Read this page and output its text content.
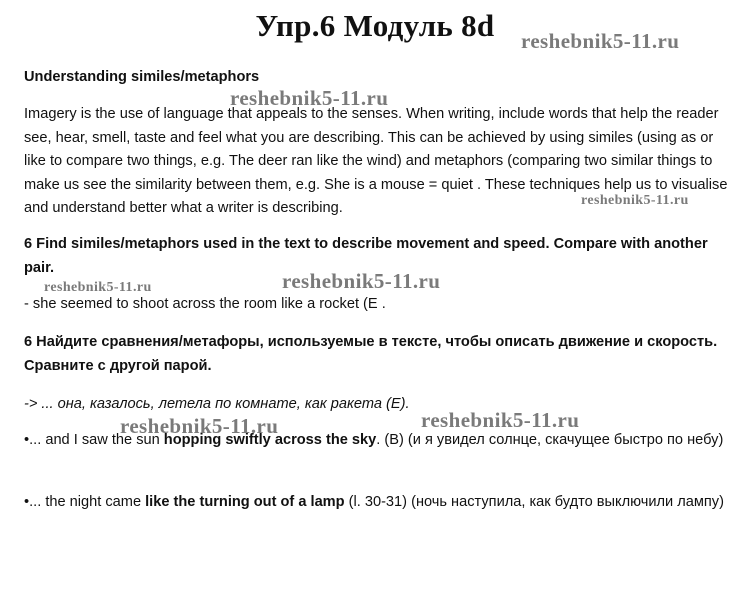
Упр.6 Модуль 8d	reshebnik5-11.ru
reshebnik5-11.ru
reshebnik5-11.ru
reshebnik5-11.ru
reshebnik5-11.ru
reshebnik5-11.ru
reshebnik5-11.ru

Understanding similes/metaphors

Imagery is the use of language that appeals to the senses. When writing, include words that help the reader see, hear, smell, taste and feel what you are describing. This can be achieved by using similes (using as or like to compare two things, e.g. The deer ran like the wind) and metaphors (comparing two similar things to make us see the similarity between them, e.g. She is a mouse = quiet . These techniques help us to visualise and understand better what a writer is describing.

6 Find similes/metaphors used in the text to describe movement and speed. Compare with another pair.

- she seemed to shoot across the room like a rocket (E .

6 Найдите сравнения/метафоры, используемые в тексте, чтобы описать движение и скорость. Сравните с другой парой.

-> ... она, казалось, летела по комнате, как ракета (E).

•... and I saw the sun hopping swiftly across the sky. (B) (и я увидел солнце, скачущее быстро по небу)

•... the night came like the turning out of a lamp (l. 30-31) (ночь наступила, как будто выключили лампу)
